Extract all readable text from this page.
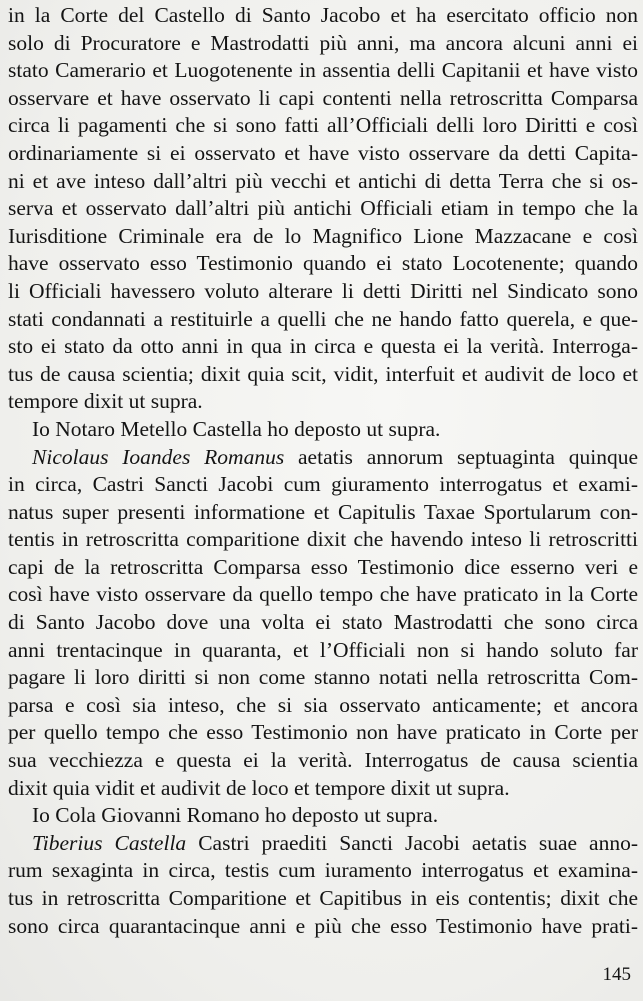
in la Corte del Castello di Santo Jacobo et ha esercitato officio non
solo di Procuratore e Mastrodatti più anni, ma ancora alcuni anni ei
stato Camerario et Luogotenente in assentia delli Capitanii et have visto
osservare et have osservato li capi contenti nella retroscritta Comparsa
circa li pagamenti che si sono fatti all’Officiali delli loro Diritti e così
ordinariamente si ei osservato et have visto osservare da detti Capita-
ni et ave inteso dall’altri più vecchi et antichi di detta Terra che si os-
serva et osservato dall’altri più antichi Officiali etiam in tempo che la
Iurisditione Criminale era de lo Magnifico Lione Mazzacane e così
have osservato esso Testimonio quando ei stato Locotenente; quando
li Officiali havessero voluto alterare li detti Diritti nel Sindicato sono
stati condannati a restituirle a quelli che ne hando fatto querela, e que-
sto ei stato da otto anni in qua in circa e questa ei la verità. Interroga-
tus de causa scientia; dixit quia scit, vidit, interfuit et audivit de loco et
tempore dixit ut supra.
Io Notaro Metello Castella ho deposto ut supra.
Nicolaus Ioandes Romanus aetatis annorum septuaginta quinque
in circa, Castri Sancti Jacobi cum giuramento interrogatus et exami-
natus super presenti informatione et Capitulis Taxae Sportularum con-
tentis in retroscritta comparitione dixit che havendo inteso li retroscritti
capi de la retroscritta Comparsa esso Testimonio dice esserno veri e
così have visto osservare da quello tempo che have praticato in la Corte
di Santo Jacobo dove una volta ei stato Mastrodatti che sono circa
anni trentacinque in quaranta, et l’Officiali non si hando soluto far
pagare li loro diritti si non come stanno notati nella retroscritta Com-
parsa e così sia inteso, che si sia osservato anticamente; et ancora
per quello tempo che esso Testimonio non have praticato in Corte per
sua vecchiezza e questa ei la verità. Interrogatus de causa scientia
dixit quia vidit et audivit de loco et tempore dixit ut supra.
Io Cola Giovanni Romano ho deposto ut supra.
Tiberius Castella Castri praediti Sancti Jacobi aetatis suae anno-
rum sexaginta in circa, testis cum iuramento interrogatus et examina-
tus in retroscritta Comparitione et Capitibus in eis contentis; dixit che
sono circa quarantacinque anni e più che esso Testimonio have prati-
145
